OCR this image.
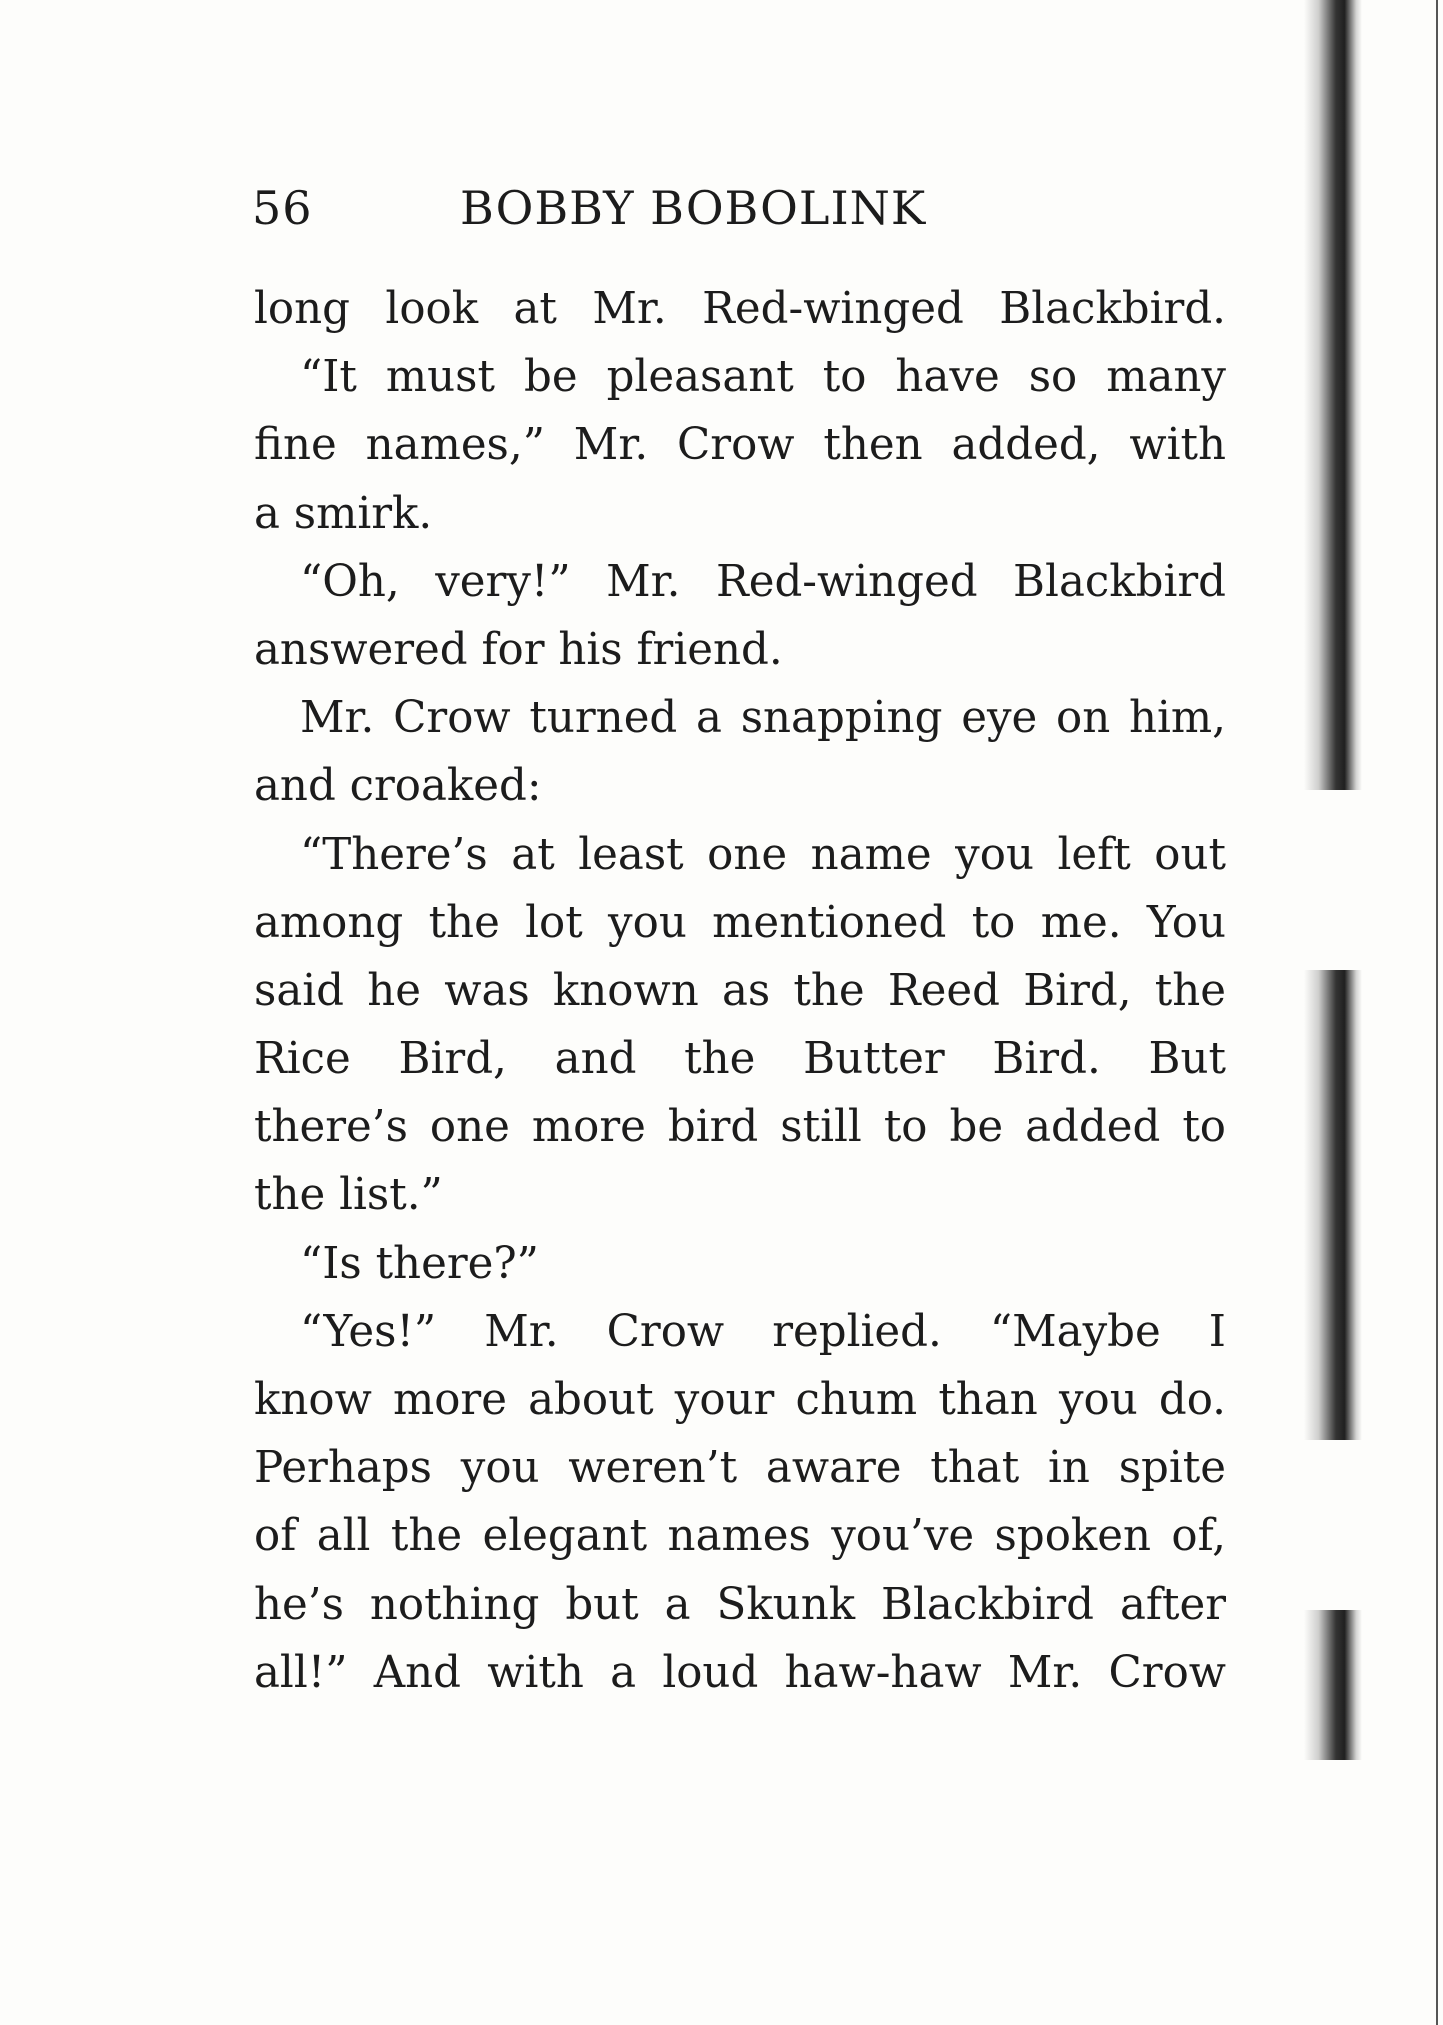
56	BOBBY BOBOLINK
long look at Mr. Red-winged Blackbird.
“It must be pleasant to have so many
fine names,” Mr. Crow then added, with
a smirk.
“Oh, very!” Mr. Red-winged Blackbird
answered for his friend.
Mr. Crow turned a snapping eye on him,
and croaked:
“There’s at least one name you left out
among the lot you mentioned to me. You
said he was known as the Reed Bird, the
Rice Bird, and the Butter Bird. But
there’s one more bird still to be added to
the list.”
“Is there?”
“Yes!” Mr. Crow replied. “Maybe I
know more about your chum than you do.
Perhaps you weren’t aware that in spite
of all the elegant names you’ve spoken of,
he’s nothing but a Skunk Blackbird after
all!” And with a loud haw-haw Mr. Crow
